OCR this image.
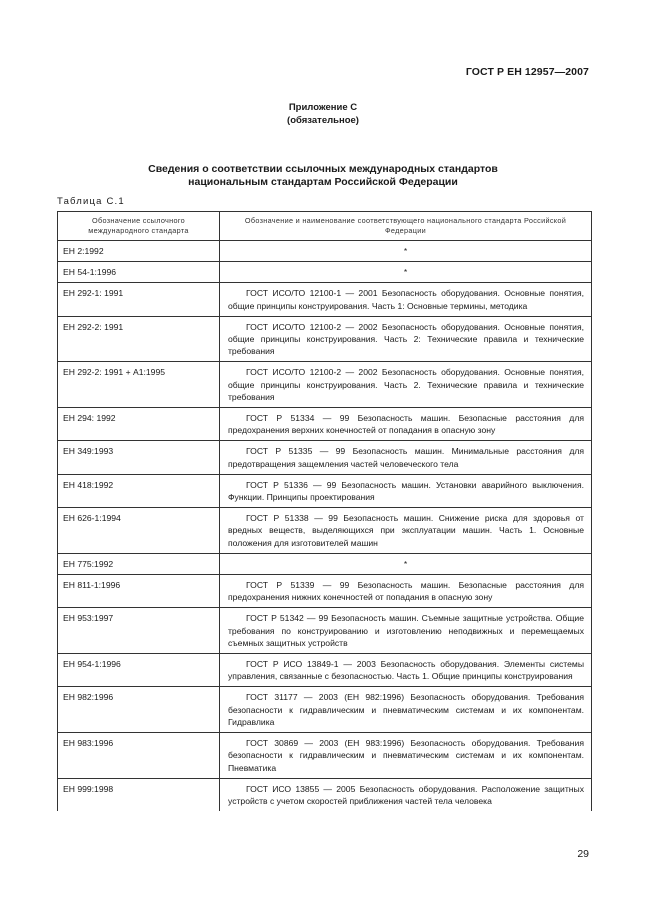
ГОСТ Р ЕН 12957—2007
Приложение С
(обязательное)
Сведения о соответствии ссылочных международных стандартов
национальным стандартам Российской Федерации
Таблица С.1
Обозначение ссылочного международного стандарта	Обозначение и наименование соответствующего национального стандарта Российской Федерации
ЕН 2:1992	*
ЕН 54-1:1996	*
ЕН 292-1: 1991	ГОСТ ИСО/ТО 12100-1 — 2001 Безопасность оборудования. Основные понятия, общие принципы конструирования. Часть 1: Основные термины, методика
ЕН 292-2: 1991	ГОСТ ИСО/ТО 12100-2 — 2002 Безопасность оборудования. Основные понятия, общие принципы конструирования. Часть 2: Технические правила и технические требования
ЕН 292-2: 1991 + А1:1995	ГОСТ ИСО/ТО 12100-2 — 2002 Безопасность оборудования. Основные понятия, общие принципы конструирования. Часть 2. Технические правила и технические требования
ЕН 294: 1992	ГОСТ Р 51334 — 99 Безопасность машин. Безопасные расстояния для предохранения верхних конечностей от попадания в опасную зону
ЕН 349:1993	ГОСТ Р 51335 — 99 Безопасность машин. Минимальные расстояния для предотвращения защемления частей человеческого тела
ЕН 418:1992	ГОСТ Р 51336 — 99 Безопасность машин. Установки аварийного выключения. Функции. Принципы проектирования
ЕН 626-1:1994	ГОСТ Р 51338 — 99 Безопасность машин. Снижение риска для здоровья от вредных веществ, выделяющихся при эксплуатации машин. Часть 1. Основные положения для изготовителей машин
ЕН 775:1992	*
ЕН 811-1:1996	ГОСТ Р 51339 — 99 Безопасность машин. Безопасные расстояния для предохранения нижних конечностей от попадания в опасную зону
ЕН 953:1997	ГОСТ Р 51342 — 99 Безопасность машин. Съемные защитные устройства. Общие требования по конструированию и изготовлению неподвижных и перемещаемых съемных защитных устройств
ЕН 954-1:1996	ГОСТ Р ИСО 13849-1 — 2003 Безопасность оборудования. Элементы системы управления, связанные с безопасностью. Часть 1. Общие принципы конструирования
ЕН 982:1996	ГОСТ 31177 — 2003 (ЕН 982:1996) Безопасность оборудования. Требования безопасности к гидравлическим и пневматическим системам и их компонентам. Гидравлика
ЕН 983:1996	ГОСТ 30869 — 2003 (ЕН 983:1996) Безопасность оборудования. Требования безопасности к гидравлическим и пневматическим системам и их компонентам. Пневматика
ЕН 999:1998	ГОСТ ИСО 13855 — 2005 Безопасность оборудования. Расположение защитных устройств с учетом скоростей приближения частей тела человека
29
